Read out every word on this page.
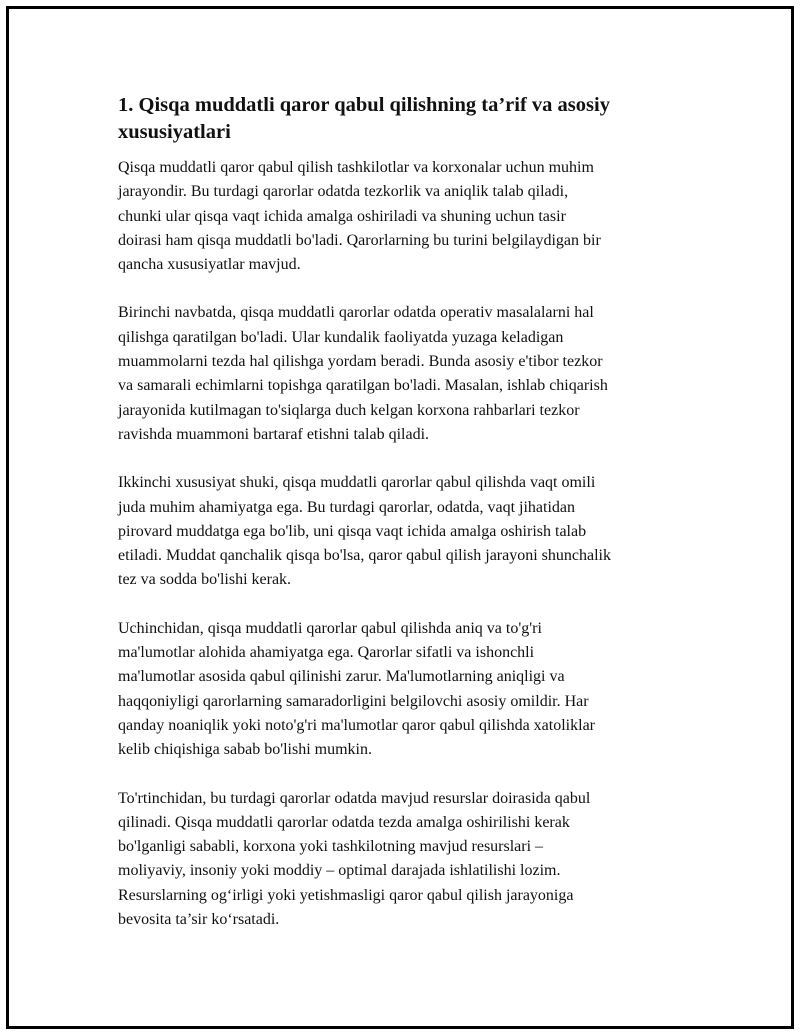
1. Qisqa muddatli qaror qabul qilishning ta’rif va asosiy
xususiyatlari

Qisqa muddatli qaror qabul qilish tashkilotlar va korxonalar uchun muhim
jarayondir. Bu turdagi qarorlar odatda tezkorlik va aniqlik talab qiladi,
chunki ular qisqa vaqt ichida amalga oshiriladi va shuning uchun tasir
doirasi ham qisqa muddatli bo'ladi. Qarorlarning bu turini belgilaydigan bir
qancha xususiyatlar mavjud.

Birinchi navbatda, qisqa muddatli qarorlar odatda operativ masalalarni hal
qilishga qaratilgan bo'ladi. Ular kundalik faoliyatda yuzaga keladigan
muammolarni tezda hal qilishga yordam beradi. Bunda asosiy e'tibor tezkor
va samarali echimlarni topishga qaratilgan bo'ladi. Masalan, ishlab chiqarish
jarayonida kutilmagan to'siqlarga duch kelgan korxona rahbarlari tezkor
ravishda muammoni bartaraf etishni talab qiladi.

Ikkinchi xususiyat shuki, qisqa muddatli qarorlar qabul qilishda vaqt omili
juda muhim ahamiyatga ega. Bu turdagi qarorlar, odatda, vaqt jihatidan
pirovard muddatga ega bo'lib, uni qisqa vaqt ichida amalga oshirish talab
etiladi. Muddat qanchalik qisqa bo'lsa, qaror qabul qilish jarayoni shunchalik
tez va sodda bo'lishi kerak.

Uchinchidan, qisqa muddatli qarorlar qabul qilishda aniq va to'g'ri
ma'lumotlar alohida ahamiyatga ega. Qarorlar sifatli va ishonchli
ma'lumotlar asosida qabul qilinishi zarur. Ma'lumotlarning aniqligi va
haqqoniyligi qarorlarning samaradorligini belgilovchi asosiy omildir. Har
qanday noaniqlik yoki noto'g'ri ma'lumotlar qaror qabul qilishda xatoliklar
kelib chiqishiga sabab bo'lishi mumkin.

To'rtinchidan, bu turdagi qarorlar odatda mavjud resurslar doirasida qabul
qilinadi. Qisqa muddatli qarorlar odatda tezda amalga oshirilishi kerak
bo'lganligi sababli, korxona yoki tashkilotning mavjud resurslari –
moliyaviy, insoniy yoki moddiy – optimal darajada ishlatilishi lozim.
Resurslarning og‘irligi yoki yetishmasligi qaror qabul qilish jarayoniga
bevosita ta’sir ko‘rsatadi.
